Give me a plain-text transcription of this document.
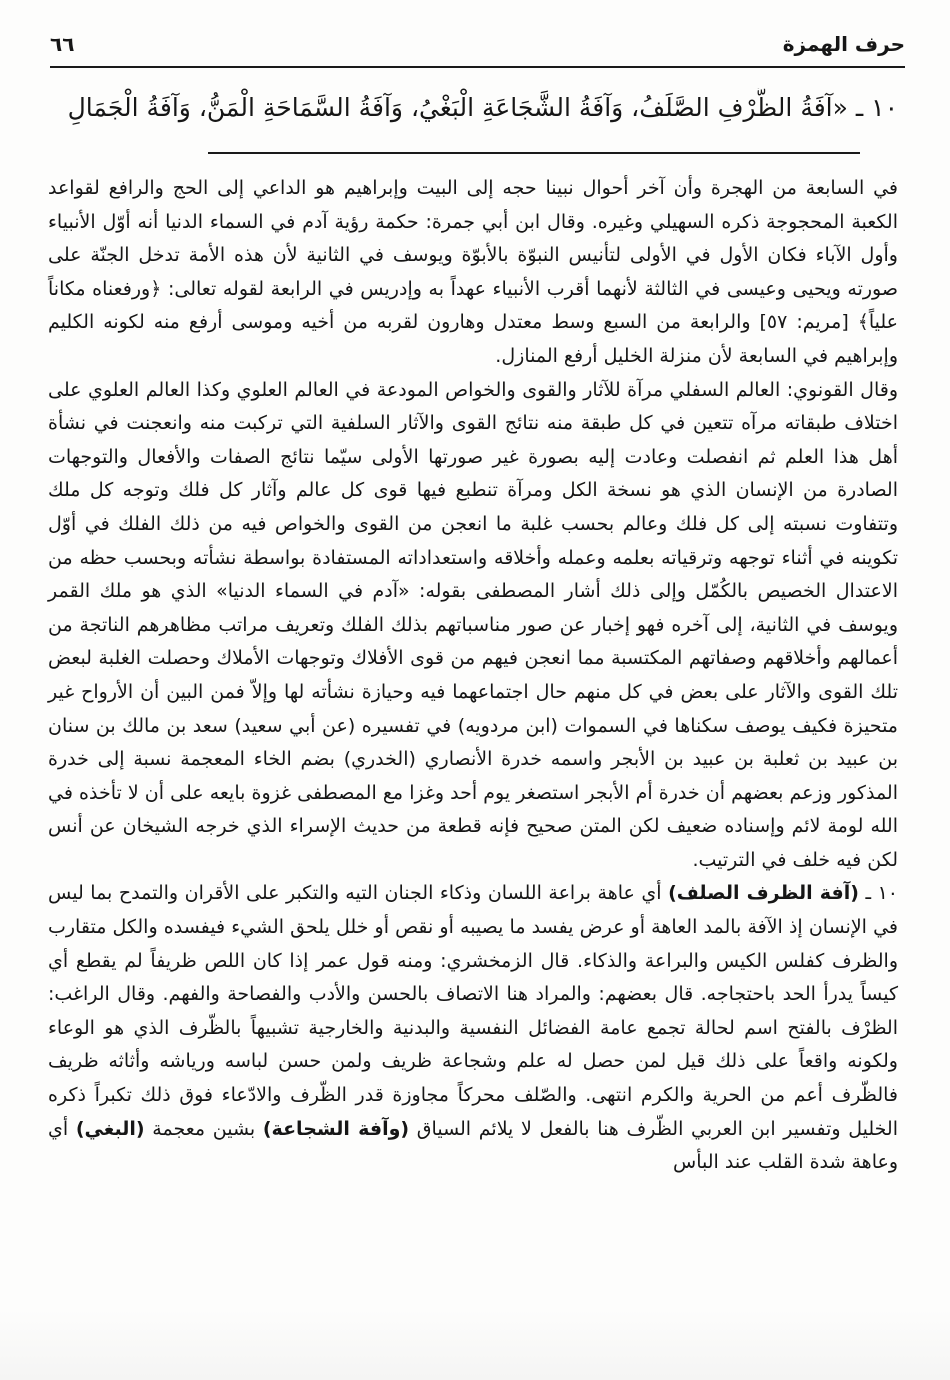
٦٦	حرف الهمزة
١٠ ـ «آفَةُ الظَّرْفِ الصَّلَفُ، وَآفَةُ الشَّجَاعَةِ الْبَغْيُ، وَآفَةُ السَّمَاحَةِ الْمَنُّ، وَآفَةُ الْجَمَالِ

في السابعة من الهجرة وأن آخر أحوال نبينا حجه إلى البيت وإبراهيم هو الداعي إلى الحج والرافع لقواعد الكعبة المحجوجة ذكره السهيلي وغيره. وقال ابن أبي جمرة: حكمة رؤية آدم في السماء الدنيا أنه أوّل الأنبياء وأول الآباء فكان الأول في الأولى لتأنيس النبوّة بالأبوّة ويوسف في الثانية لأن هذه الأمة تدخل الجنّة على صورته ويحيى وعيسى في الثالثة لأنهما أقرب الأنبياء عهداً به وإدريس في الرابعة لقوله تعالى: ﴿ورفعناه مكاناً علياً﴾ [مريم: ٥٧] والرابعة من السبع وسط معتدل وهارون لقربه من أخيه وموسى أرفع منه لكونه الكليم وإبراهيم في السابعة لأن منزلة الخليل أرفع المنازل.

وقال القونوي: العالم السفلي مرآة للآثار والقوى والخواص المودعة في العالم العلوي وكذا العالم العلوي على اختلاف طبقاته مرآه تتعين في كل طبقة منه نتائج القوى والآثار السلفية التي تركبت منه وانعجنت في نشأة أهل هذا العلم ثم انفصلت وعادت إليه بصورة غير صورتها الأولى سيّما نتائج الصفات والأفعال والتوجهات الصادرة من الإنسان الذي هو نسخة الكل ومرآة تنطبع فيها قوى كل عالم وآثار كل فلك وتوجه كل ملك وتتفاوت نسبته إلى كل فلك وعالم بحسب غلبة ما انعجن من القوى والخواص فيه من ذلك الفلك في أوّل تكوينه في أثناء توجهه وترقياته بعلمه وعمله وأخلاقه واستعداداته المستفادة بواسطة نشأته وبحسب حظه من الاعتدال الخصيص بالكُمّل وإلى ذلك أشار المصطفى بقوله: «آدم في السماء الدنيا» الذي هو ملك القمر ويوسف في الثانية، إلى آخره فهو إخبار عن صور مناسباتهم بذلك الفلك وتعريف مراتب مظاهرهم الناتجة من أعمالهم وأخلاقهم وصفاتهم المكتسبة مما انعجن فيهم من قوى الأفلاك وتوجهات الأملاك وحصلت الغلبة لبعض تلك القوى والآثار على بعض في كل منهم حال اجتماعهما فيه وحيازة نشأته لها وإلاّ فمن البين أن الأرواح غير متحيزة فكيف يوصف سكناها في السموات (ابن مردويه) في تفسيره (عن أبي سعيد) سعد بن مالك بن سنان بن عبيد بن ثعلبة بن عبيد بن الأبجر واسمه خدرة الأنصاري (الخدري) بضم الخاء المعجمة نسبة إلى خدرة المذكور وزعم بعضهم أن خدرة أم الأبجر استصغر يوم أحد وغزا مع المصطفى غزوة بايعه على أن لا تأخذه في الله لومة لائم وإسناده ضعيف لكن المتن صحيح فإنه قطعة من حديث الإسراء الذي خرجه الشيخان عن أنس لكن فيه خلف في الترتيب.

١٠ ـ (آفة الظرف الصلف) أي عاهة براعة اللسان وذكاء الجنان التيه والتكبر على الأقران والتمدح بما ليس في الإنسان إذ الآفة بالمد العاهة أو عرض يفسد ما يصيبه أو نقص أو خلل يلحق الشيء فيفسده والكل متقارب والظرف كفلس الكيس والبراعة والذكاء. قال الزمخشري: ومنه قول عمر إذا كان اللص ظريفاً لم يقطع أي كيساً يدرأ الحد باحتجاجه. قال بعضهم: والمراد هنا الاتصاف بالحسن والأدب والفصاحة والفهم. وقال الراغب: الظرْف بالفتح اسم لحالة تجمع عامة الفضائل النفسية والبدنية والخارجية تشبيهاً بالظّرف الذي هو الوعاء ولكونه واقعاً على ذلك قيل لمن حصل له علم وشجاعة ظريف ولمن حسن لباسه ورياشه وأثاثه ظريف فالظّرف أعم من الحرية والكرم انتهى. والصّلف محركاً مجاوزة قدر الظّرف والادّعاء فوق ذلك تكبراً ذكره الخليل وتفسير ابن العربي الظّرف هنا بالفعل لا يلائم السياق (وآفة الشجاعة) بشين معجمة (البغي) أي وعاهة شدة القلب عند البأس
